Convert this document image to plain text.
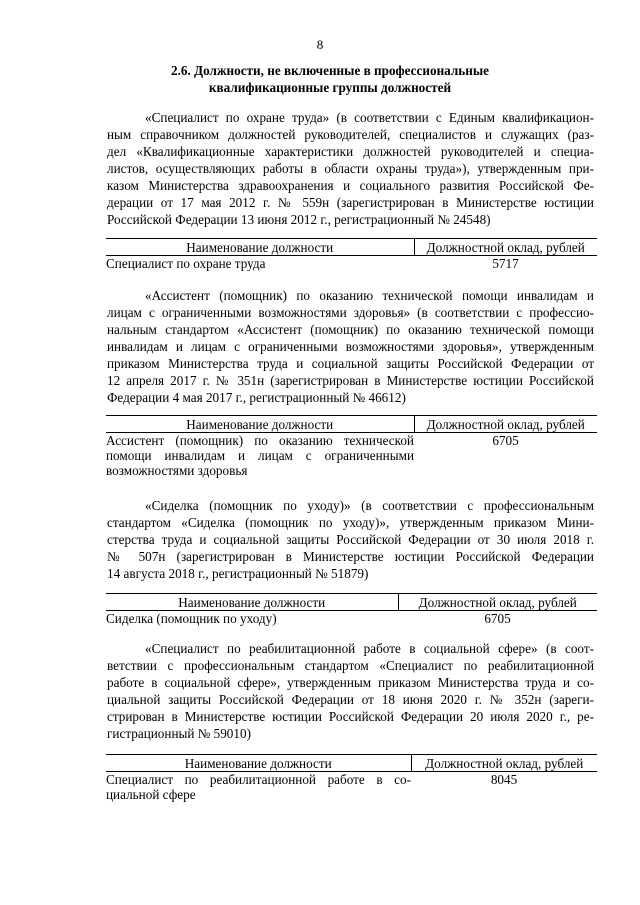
8
2.6. Должности, не включенные в профессиональные
квалификационные группы должностей
«Специалист по охране труда» (в соответствии с Единым квалификацион-
ным справочником должностей руководителей, специалистов и служащих (раз-
дел «Квалификационные характеристики должностей руководителей и специа-
листов, осуществляющих работы в области охраны труда»), утвержденным при-
казом Министерства здравоохранения и социального развития Российской Фе-
дерации от 17 мая 2012 г. № 559н (зарегистрирован в Министерстве юстиции
Российской Федерации 13 июня 2012 г., регистрационный № 24548)
Наименование должности	Должностной оклад, рублей
Специалист по охране труда	5717
«Ассистент (помощник) по оказанию технической помощи инвалидам и
лицам с ограниченными возможностями здоровья» (в соответствии с профессио-
нальным стандартом «Ассистент (помощник) по оказанию технической помощи
инвалидам и лицам с ограниченными возможностями здоровья», утвержденным
приказом Министерства труда и социальной защиты Российской Федерации от
12 апреля 2017 г. № 351н (зарегистрирован в Министерстве юстиции Российской
Федерации 4 мая 2017 г., регистрационный № 46612)
Наименование должности	Должностной оклад, рублей

Ассистент (помощник) по оказанию технической
помощи инвалидам и лицам с ограниченными
возможностями здоровья	6705
«Сиделка (помощник по уходу)» (в соответствии с профессиональным
стандартом «Сиделка (помощник по уходу)», утвержденным приказом Мини-
стерства труда и социальной защиты Российской Федерации от 30 июля 2018 г.
№ 507н (зарегистрирован в Министерстве юстиции Российской Федерации
14 августа 2018 г., регистрационный № 51879)
Наименование должности	Должностной оклад, рублей
Сиделка (помощник по уходу)	6705
«Специалист по реабилитационной работе в социальной сфере» (в соот-
ветствии с профессиональным стандартом «Специалист по реабилитационной
работе в социальной сфере», утвержденным приказом Министерства труда и со-
циальной защиты Российской Федерации от 18 июня 2020 г. № 352н (зареги-
стрирован в Министерстве юстиции Российской Федерации 20 июля 2020 г., ре-
гистрационный № 59010)
Наименование должности	Должностной оклад, рублей

Специалист по реабилитационной работе в со-
циальной сфере	8045
